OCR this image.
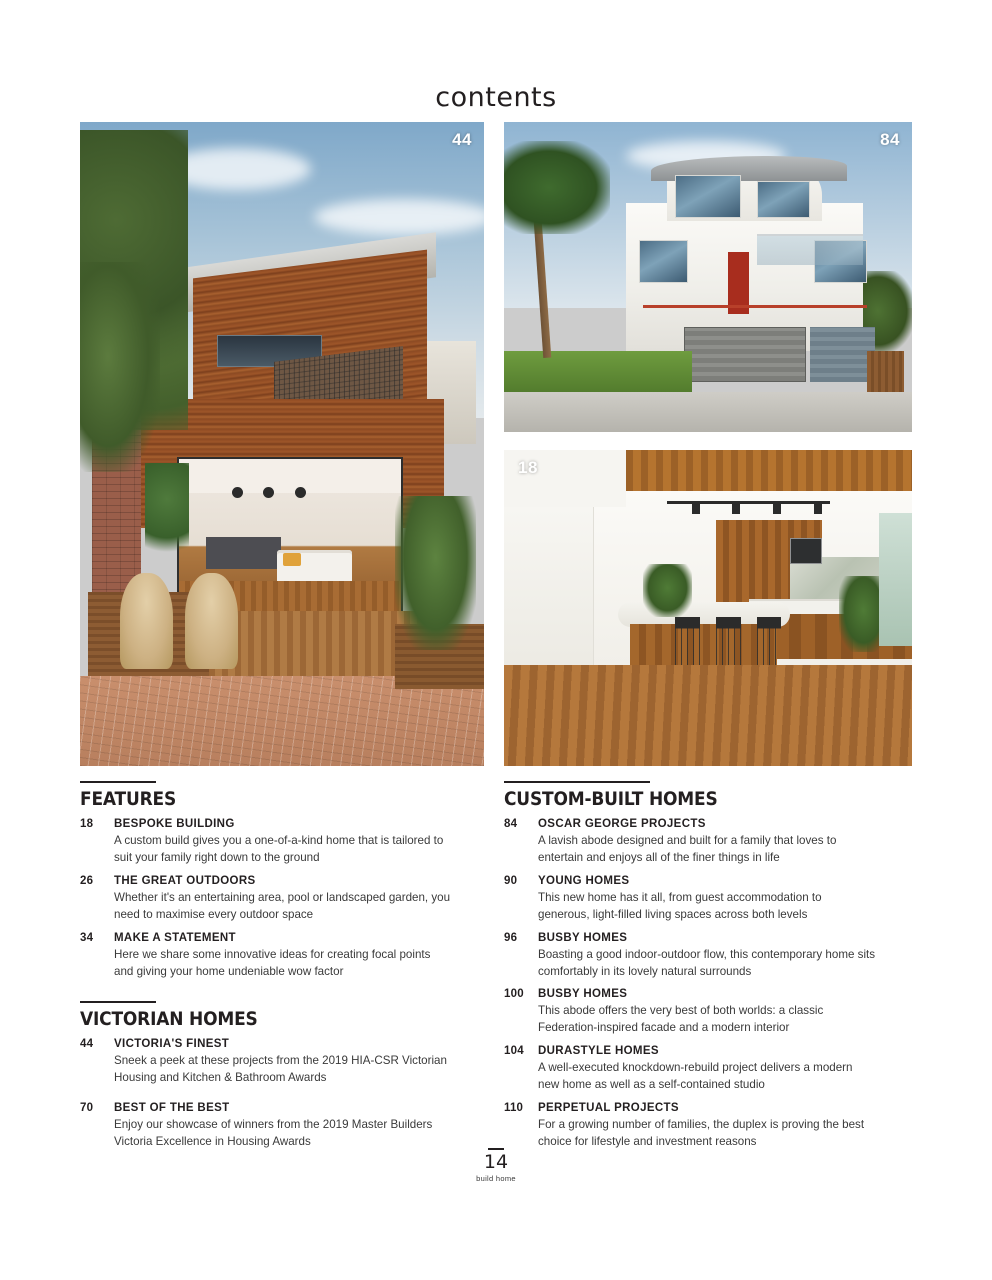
contents
44	84
18
FEATURES
18	BESPOKE BUILDING
A custom build gives you a one-of-a-kind home that is tailored to suit your family right down to the ground
26	THE GREAT OUTDOORS
Whether it's an entertaining area, pool or landscaped garden, you need to maximise every outdoor space
34	MAKE A STATEMENT
Here we share some innovative ideas for creating focal points and giving your home undeniable wow factor
VICTORIAN HOMES
44	VICTORIA'S FINEST
Sneek a peek at these projects from the 2019 HIA-CSR Victorian Housing and Kitchen & Bathroom Awards
70	BEST OF THE BEST
Enjoy our showcase of winners from the 2019 Master Builders Victoria Excellence in Housing Awards
CUSTOM-BUILT HOMES
84	OSCAR GEORGE PROJECTS
A lavish abode designed and built for a family that loves to entertain and enjoys all of the finer things in life
90	YOUNG HOMES
This new home has it all, from guest accommodation to generous, light-filled living spaces across both levels
96	BUSBY HOMES
Boasting a good indoor-outdoor flow, this contemporary home sits comfortably in its lovely natural surrounds
100	BUSBY HOMES
This abode offers the very best of both worlds: a classic Federation-inspired facade and a modern interior
104	DURASTYLE HOMES
A well-executed knockdown-rebuild project delivers a modern new home as well as a self-contained studio
110	PERPETUAL PROJECTS
For a growing number of families, the duplex is proving the best choice for lifestyle and investment reasons
14
build home
